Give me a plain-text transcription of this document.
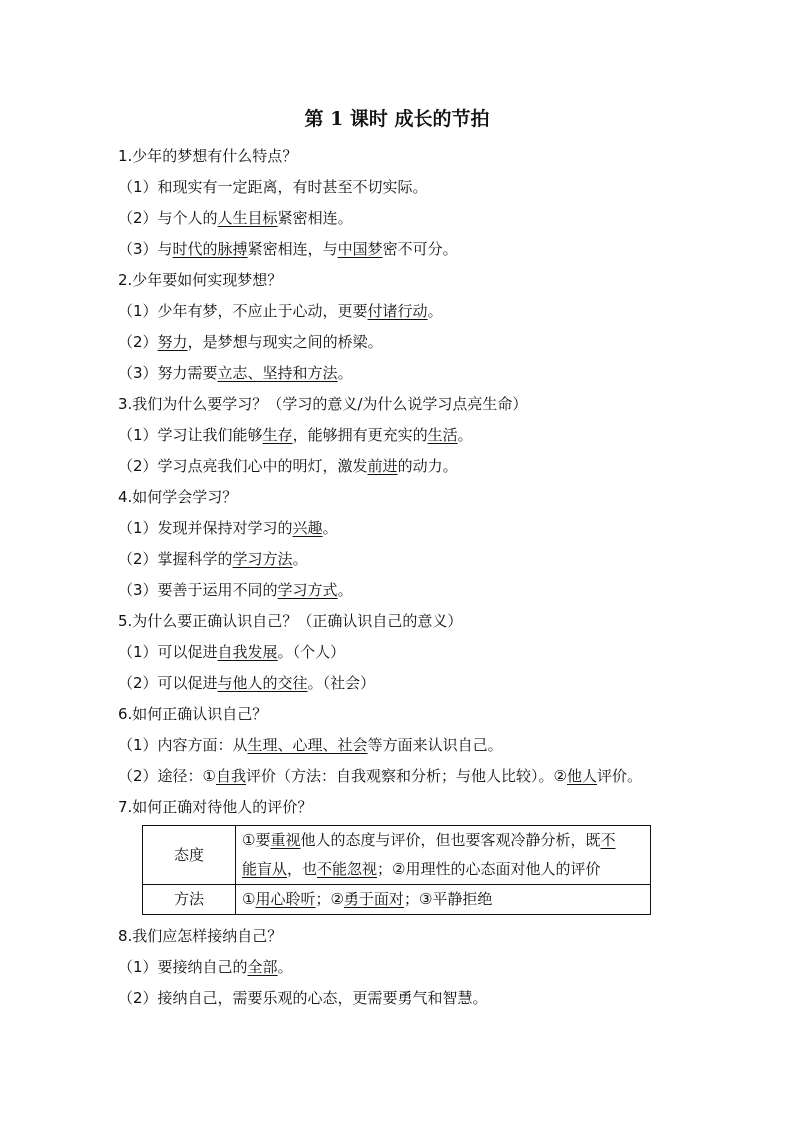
第 1 课时 成长的节拍
1.少年的梦想有什么特点？
（1）和现实有一定距离，有时甚至不切实际。
（2）与个人的人生目标紧密相连。
（3）与时代的脉搏紧密相连，与中国梦密不可分。
2.少年要如何实现梦想？
（1）少年有梦，不应止于心动，更要付诸行动。
（2）努力，是梦想与现实之间的桥梁。
（3）努力需要立志、坚持和方法。
3.我们为什么要学习？（学习的意义/为什么说学习点亮生命）
（1）学习让我们能够生存，能够拥有更充实的生活。
（2）学习点亮我们心中的明灯，激发前进的动力。
4.如何学会学习？
（1）发现并保持对学习的兴趣。
（2）掌握科学的学习方法。
（3）要善于运用不同的学习方式。
5.为什么要正确认识自己？（正确认识自己的意义）
（1）可以促进自我发展。（个人）
（2）可以促进与他人的交往。（社会）
6.如何正确认识自己？
（1）内容方面：从生理、心理、社会等方面来认识自己。
（2）途径：①自我评价（方法：自我观察和分析；与他人比较）。②他人评价。
7.如何正确对待他人的评价？
态度	①要重视他人的态度与评价，但也要客观冷静分析，既不
能盲从，也不能忽视；②用理性的心态面对他人的评价

方法	①用心聆听；②勇于面对；③平静拒绝
8.我们应怎样接纳自己？
（1）要接纳自己的全部。
（2）接纳自己，需要乐观的心态，更需要勇气和智慧。
